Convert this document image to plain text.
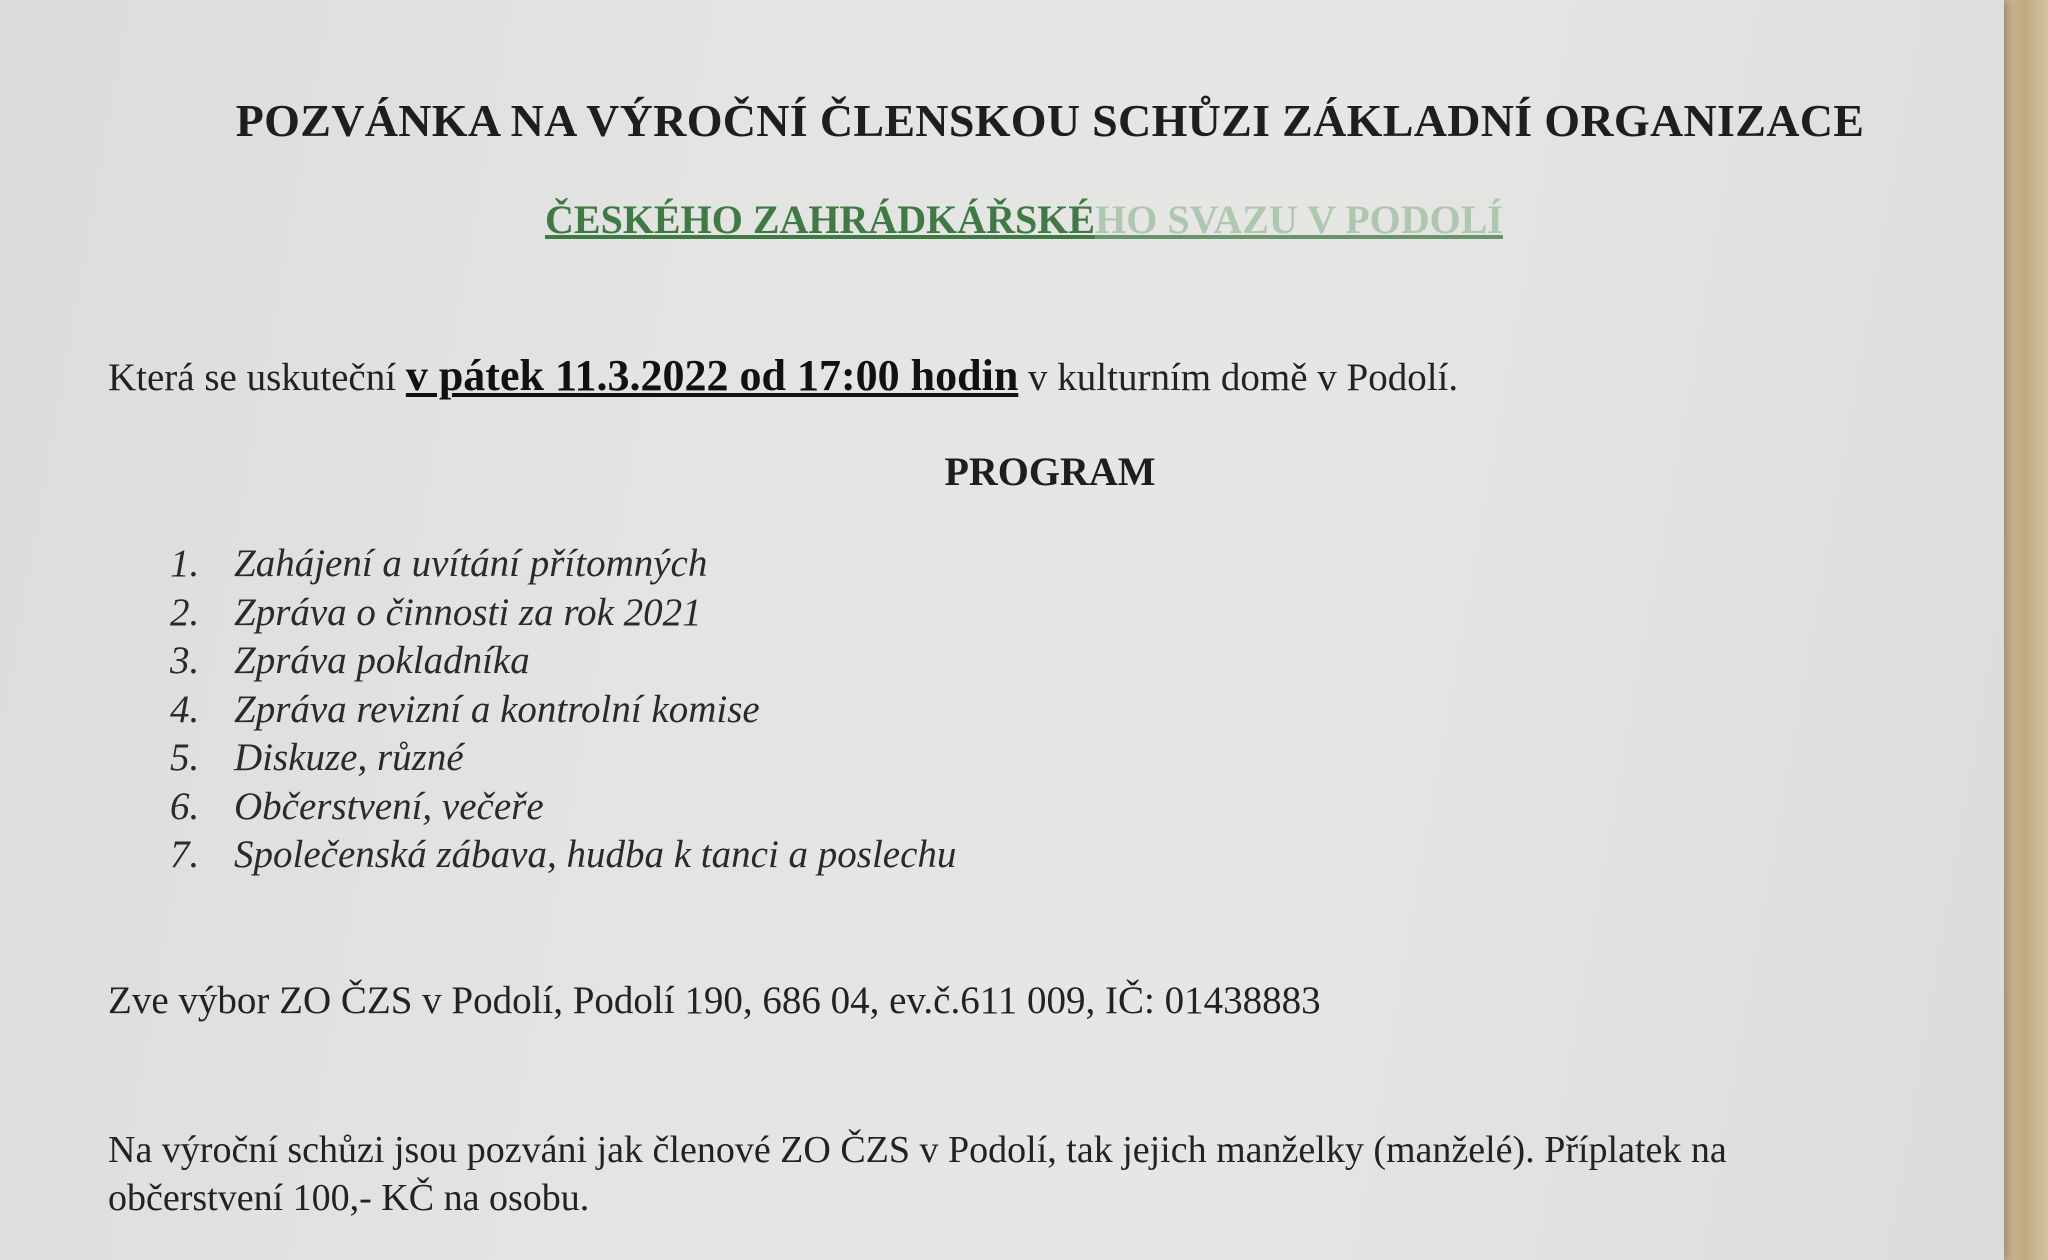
POZVÁNKA NA VÝROČNÍ ČLENSKOU SCHŮZI ZÁKLADNÍ ORGANIZACE
ČESKÉHO ZAHRÁDKÁŘSKÉHO SVAZU V PODOLÍ
Která se uskuteční v pátek 11.3.2022 od 17:00 hodin v kulturním domě v Podolí.
PROGRAM
1. Zahájení a uvítání přítomných
2. Zpráva o činnosti za rok 2021
3. Zpráva pokladníka
4. Zpráva revizní a kontrolní komise
5. Diskuze, různé
6. Občerstvení, večeře
7. Společenská zábava, hudba k tanci a poslechu
Zve výbor ZO ČZS v Podolí, Podolí 190, 686 04, ev.č.611 009, IČ: 01438883
Na výroční schůzi jsou pozváni jak členové ZO ČZS v Podolí, tak jejich manželky (manželé). Příplatek na
občerstvení 100,- KČ na osobu.
